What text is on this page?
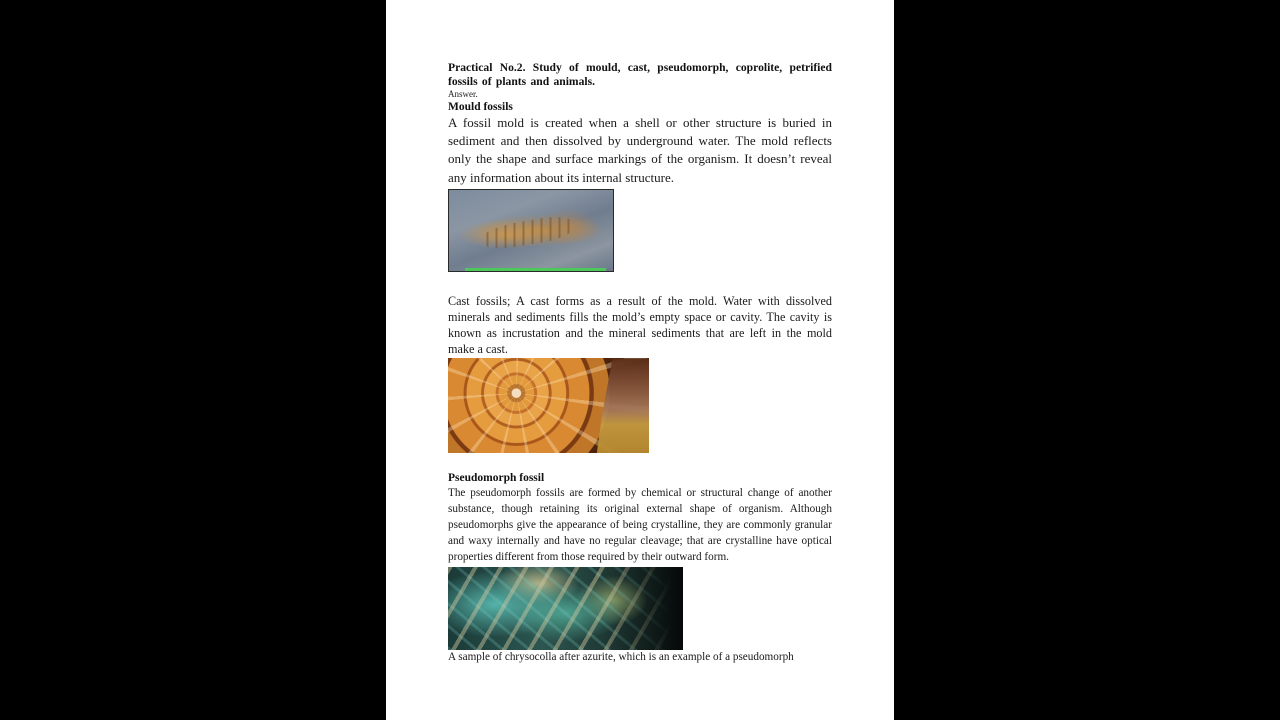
Practical No.2. Study of mould, cast, pseudomorph, coprolite, petrified fossils of plants and animals.

Answer.

Mould fossils

A fossil mold is created when a shell or other structure is buried in sediment and then dissolved by underground water. The mold reflects only the shape and surface markings of the organism. It doesn’t reveal any information about its internal structure.

Cast fossils; A cast forms as a result of the mold. Water with dissolved minerals and sediments fills the mold’s empty space or cavity. The cavity is known as incrustation and the mineral sediments that are left in the mold make a cast.

Pseudomorph fossil

The pseudomorph fossils are formed by chemical or structural change of another substance, though retaining its original external shape of organism. Although pseudomorphs give the appearance of being crystalline, they are commonly granular and waxy internally and have no regular cleavage; that are crystalline have optical properties different from those required by their outward form.

A sample of chrysocolla after azurite, which is an example of a pseudomorph
